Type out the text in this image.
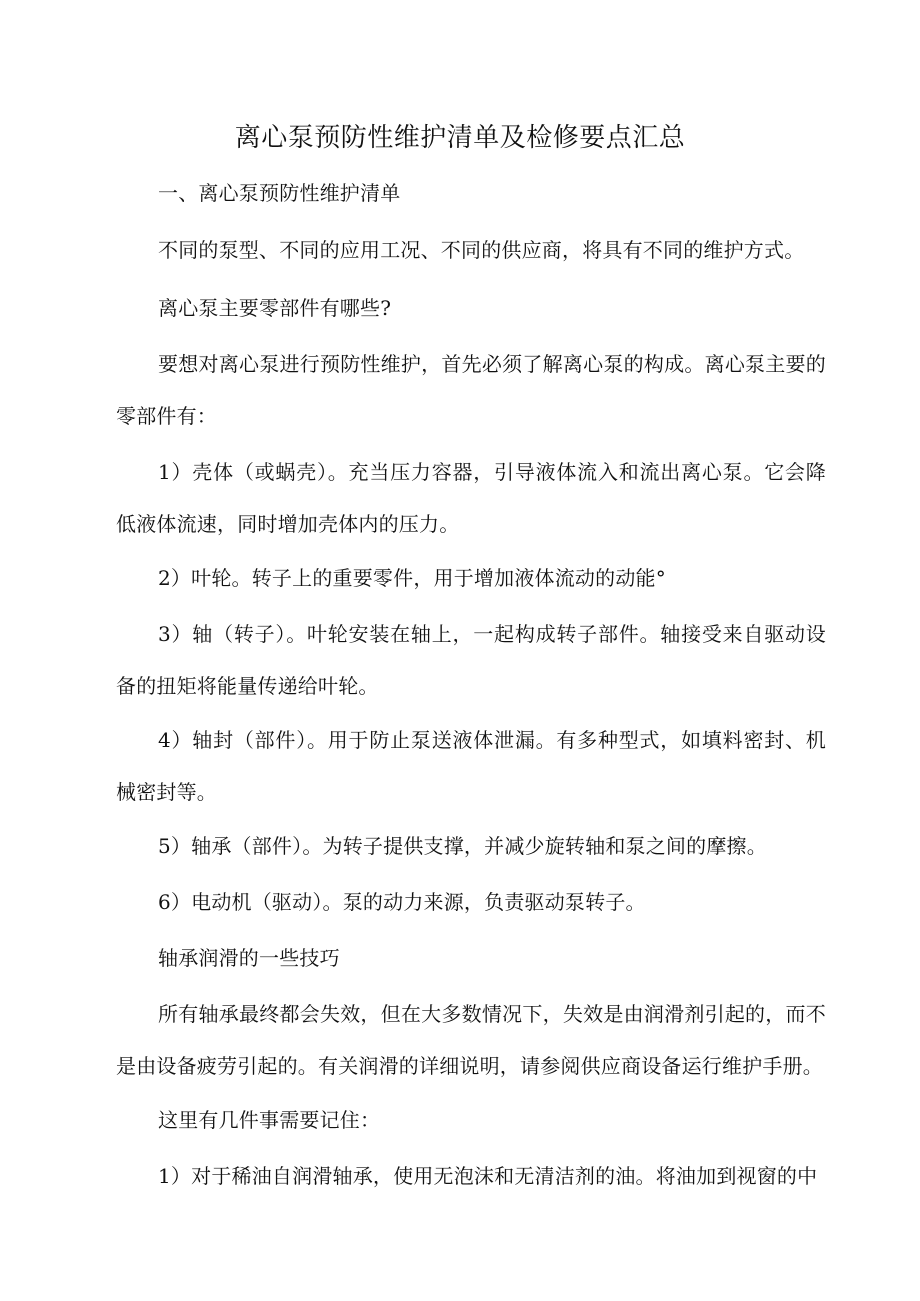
离心泵预防性维护清单及检修要点汇总

一、离心泵预防性维护清单

不同的泵型、不同的应用工况、不同的供应商，将具有不同的维护方式。

离心泵主要零部件有哪些?

要想对离心泵进行预防性维护，首先必须了解离心泵的构成。离心泵主要的零部件有：

1）壳体（或蜗壳）。充当压力容器，引导液体流入和流出离心泵。它会降低液体流速，同时增加壳体内的压力。

2）叶轮。转子上的重要零件，用于增加液体流动的动能°

3）轴（转子）。叶轮安装在轴上，一起构成转子部件。轴接受来自驱动设备的扭矩将能量传递给叶轮。

4）轴封（部件）。用于防止泵送液体泄漏。有多种型式，如填料密封、机械密封等。

5）轴承（部件）。为转子提供支撑，并减少旋转轴和泵之间的摩擦。

6）电动机（驱动）。泵的动力来源，负责驱动泵转子。

轴承润滑的一些技巧

所有轴承最终都会失效，但在大多数情况下，失效是由润滑剂引起的，而不是由设备疲劳引起的。有关润滑的详细说明，请参阅供应商设备运行维护手册。

这里有几件事需要记住：

1）对于稀油自润滑轴承，使用无泡沫和无清洁剂的油。将油加到视窗的中
